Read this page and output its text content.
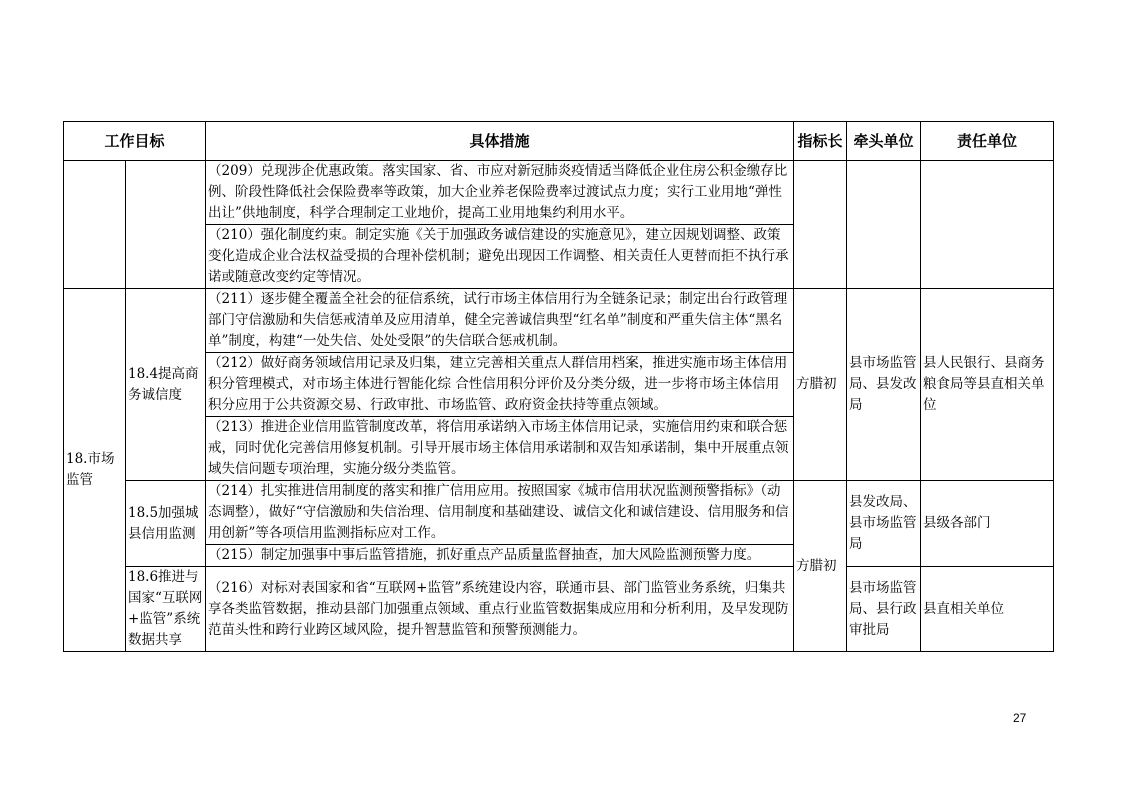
工作目标		具体措施	指标长	牵头单位	责任单位
		（209）兑现涉企优惠政策。落实国家、省、市应对新冠肺炎疫情适当降低企业住房公积金缴存比例、阶段性降低社会保险费率等政策，加大企业养老保险费率过渡试点力度；实行工业用地“弹性出让”供地制度，科学合理制定工业地价，提高工业用地集约利用水平。			
		（210）强化制度约束。制定实施《关于加强政务诚信建设的实施意见》，建立因规划调整、政策变化造成企业合法权益受损的合理补偿机制；避免出现因工作调整、相关责任人更替而拒不执行承诺或随意改变约定等情况。			
18.市场监管	18.4提高商务诚信度	（211）逐步健全覆盖全社会的征信系统，试行市场主体信用行为全链条记录；制定出台行政管理部门守信激励和失信惩戒清单及应用清单，健全完善诚信典型“红名单”制度和严重失信主体“黑名单”制度，构建“一处失信、处处受限”的失信联合惩戒机制。	方腊初	县市场监管局、县发改局	县人民银行、县商务粮食局等县直相关单位
		（212）做好商务领域信用记录及归集，建立完善相关重点人群信用档案，推进实施市场主体信用积分管理模式，对市场主体进行智能化综 合性信用积分评价及分类分级，进一步将市场主体信用积分应用于公共资源交易、行政审批、市场监管、政府资金扶持等重点领域。			
		（213）推进企业信用监管制度改革，将信用承诺纳入市场主体信用记录，实施信用约束和联合惩戒，同时优化完善信用修复机制。引导开展市场主体信用承诺制和双告知承诺制，集中开展重点领域失信问题专项治理，实施分级分类监管。			
	18.5加强城县信用监测	（214）扎实推进信用制度的落实和推广信用应用。按照国家《城市信用状况监测预警指标》（动态调整），做好“守信激励和失信治理、信用制度和基础建设、诚信文化和诚信建设、信用服务和信用创新”等各项信用监测指标应对工作。	方腊初	县发改局、县市场监管局	县级各部门
		（215）制定加强事中事后监管措施，抓好重点产品质量监督抽查，加大风险监测预警力度。			
	18.6推进与国家“互联网+监管”系统数据共享	（216）对标对表国家和省“互联网+监管”系统建设内容，联通市县、部门监管业务系统，归集共享各类监管数据，推动县部门加强重点领域、重点行业监管数据集成应用和分析利用，及早发现防范苗头性和跨行业跨区域风险，提升智慧监管和预警预测能力。		县市场监管局、县行政审批局	县直相关单位
27
